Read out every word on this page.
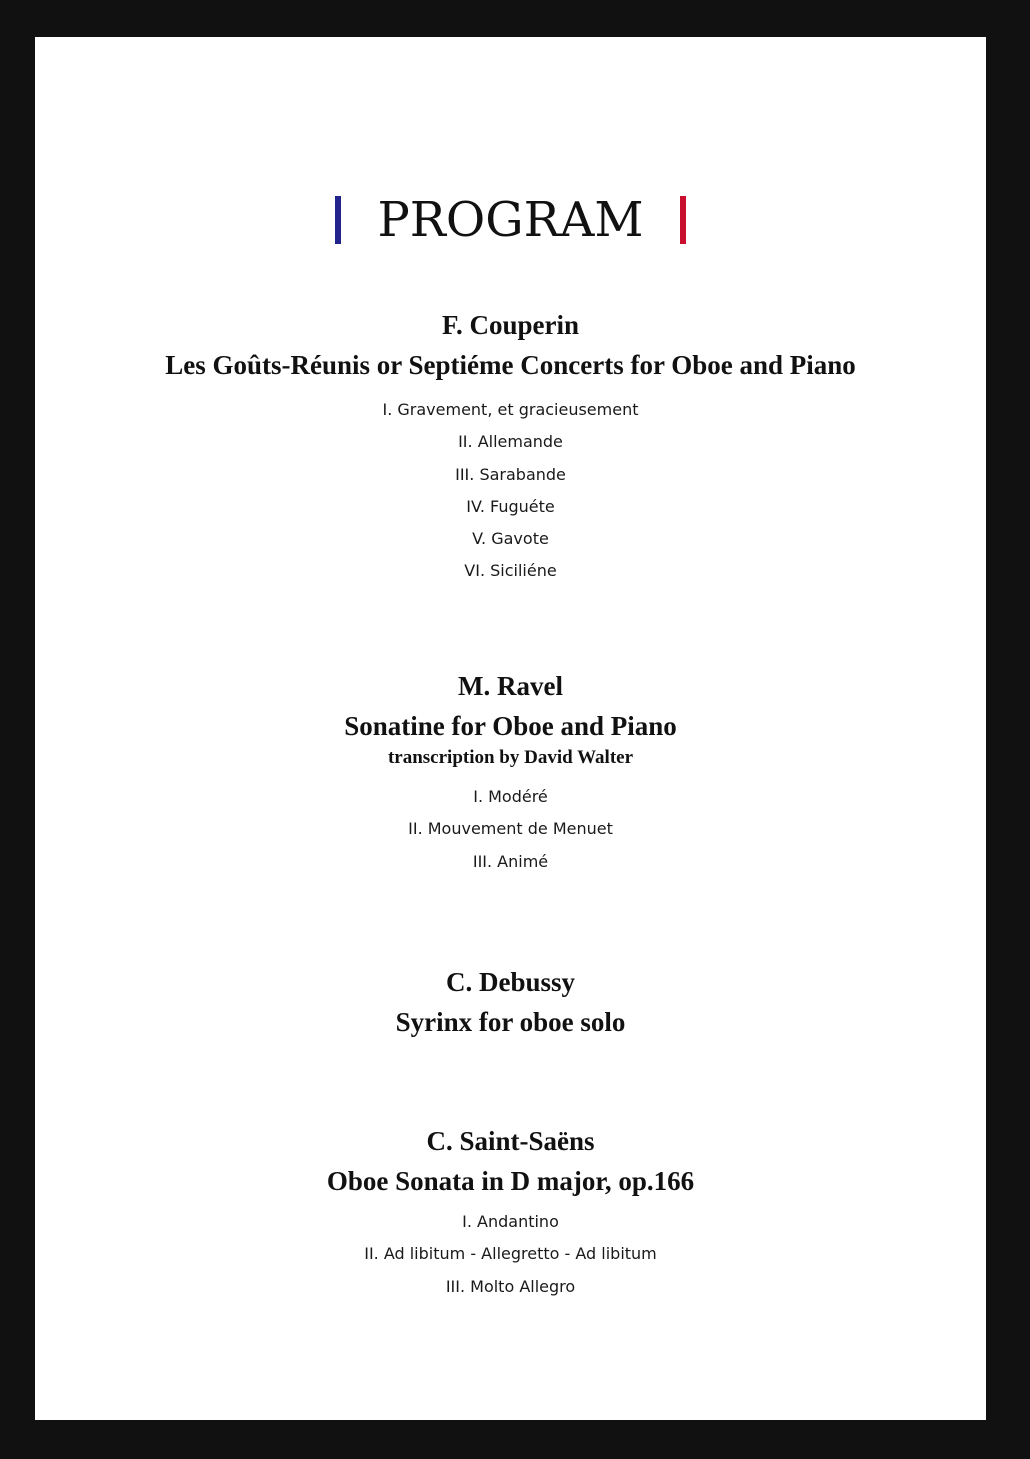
PROGRAM

F. Couperin

Les Goûts-Réunis or Septiéme Concerts for Oboe and Piano

I. Gravement, et gracieusement
II. Allemande
III. Sarabande
IV. Fuguéte
V. Gavote
VI. Siciliéne

M. Ravel

Sonatine for Oboe and Piano

transcription by David Walter

I. Modéré
II. Mouvement de Menuet
III. Animé

C. Debussy

Syrinx for oboe solo

C. Saint-Saëns

Oboe Sonata in D major, op.166

I. Andantino
II. Ad libitum - Allegretto - Ad libitum
III. Molto Allegro
